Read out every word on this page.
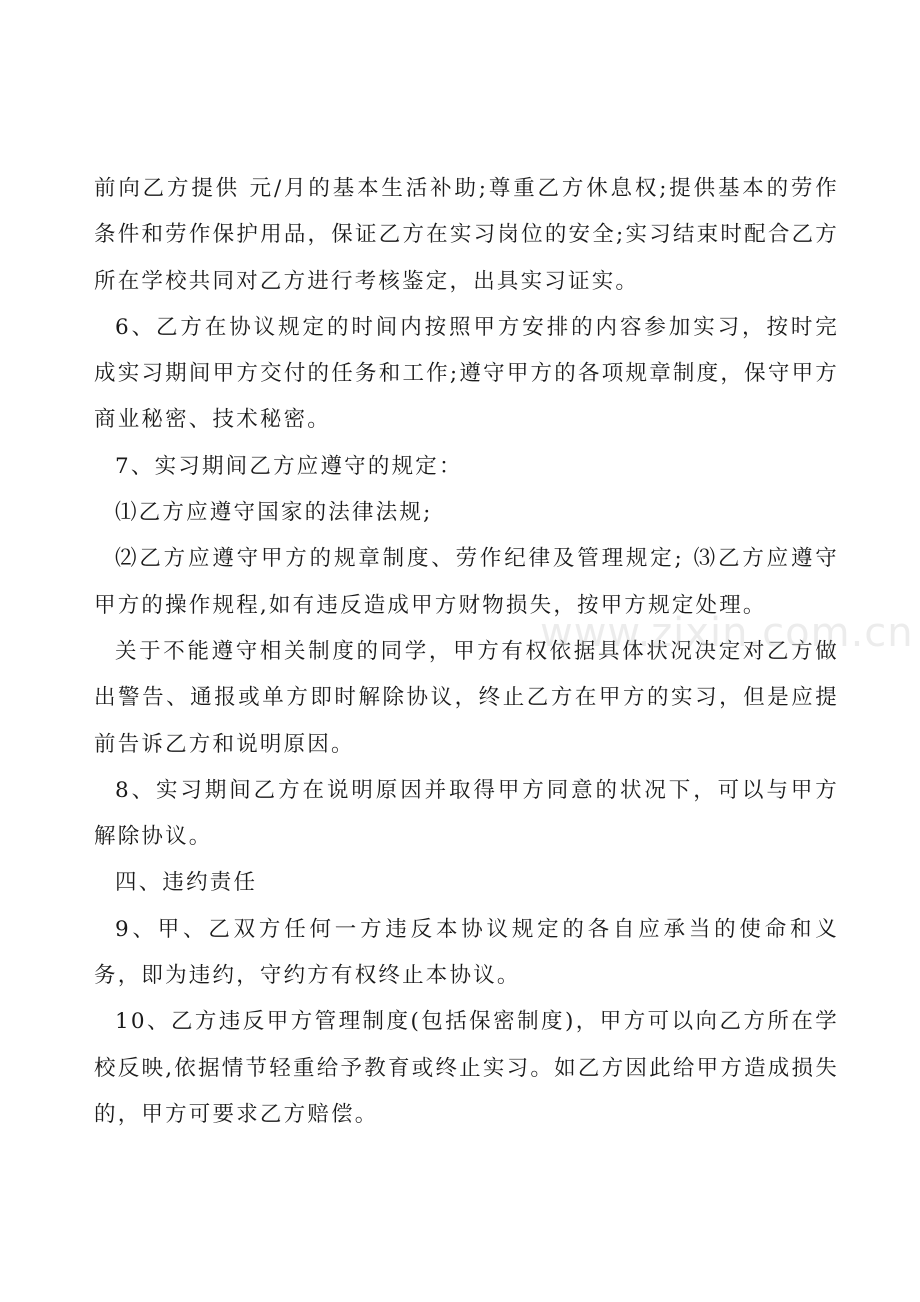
前向乙方提供 元/月的基本生活补助;尊重乙方休息权;提供基本的劳作条件和劳作保护用品，保证乙方在实习岗位的安全;实习结束时配合乙方所在学校共同对乙方进行考核鉴定，出具实习证实。

6、乙方在协议规定的时间内按照甲方安排的内容参加实习，按时完成实习期间甲方交付的任务和工作;遵守甲方的各项规章制度，保守甲方商业秘密、技术秘密。

7、实习期间乙方应遵守的规定：

⑴乙方应遵守国家的法律法规;

⑵乙方应遵守甲方的规章制度、劳作纪律及管理规定; ⑶乙方应遵守甲方的操作规程,如有违反造成甲方财物损失，按甲方规定处理。

关于不能遵守相关制度的同学，甲方有权依据具体状况决定对乙方做出警告、通报或单方即时解除协议，终止乙方在甲方的实习，但是应提前告诉乙方和说明原因。

8、实习期间乙方在说明原因并取得甲方同意的状况下，可以与甲方解除协议。

四、违约责任

9、甲、乙双方任何一方违反本协议规定的各自应承当的使命和义务，即为违约，守约方有权终止本协议。

10、乙方违反甲方管理制度(包括保密制度)，甲方可以向乙方所在学校反映,依据情节轻重给予教育或终止实习。如乙方因此给甲方造成损失的，甲方可要求乙方赔偿。

www.zixin.com.cn
